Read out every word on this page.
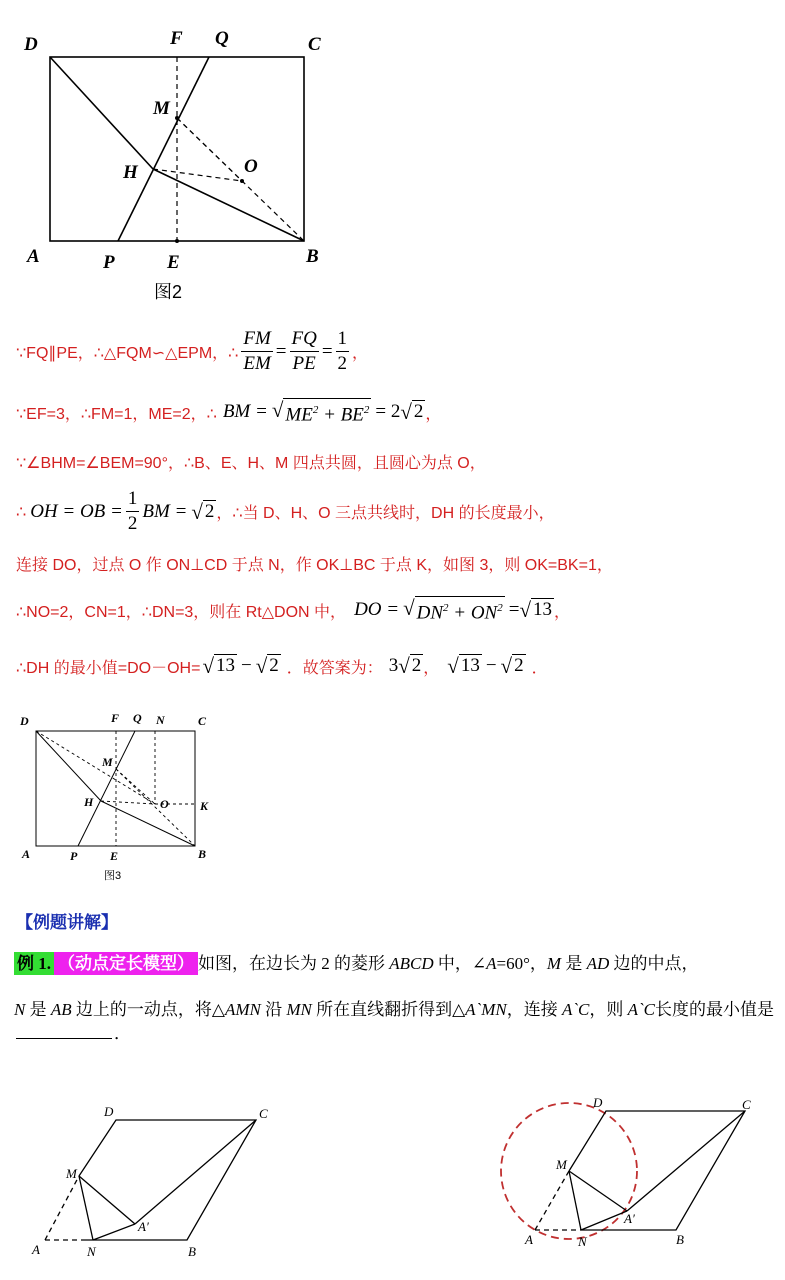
D	F Q	C
M
H	O
A	P	E	B
图2
∵FQ∥PE，∴△FQM∽△EPM，∴ $\frac{FM}{EM} = \frac{FQ}{PE} = \frac{1}{2}$ ，
∵EF=3，∴FM=1，ME=2，∴ BM = √ $ME^2 + BE^2 = 2$ √ 2 ，
∵∠BHM=∠BEM=90°，∴B、E、H、M 四点共圆，且圆心为点 O，
∴ OH = OB = $\frac{1}{2}$ BM = √ 2 ，∴当 D、H、O 三点共线时，DH 的长度最小，
连接 DO，过点 O 作 ON⊥CD 于点 N，作 OK⊥BC 于点 K，如图 3，则 OK=BK=1，
∴NO=2，CN=1，∴DN=3，则在 Rt△DON 中， DO = √ $DN^2 + ON^2$ = √ 13 ，
∴DH 的最小值=DO－OH= √ 13 − √ 2 ．故答案为： 3 √ 2 ， √ 13 − √ 2 ．
D	F Q N	C
M
H	O	K
A	P	E	B
图3
【例题讲解】
例 1. （动点定长模型） 如图，在边长为 2 的菱形 ABCD 中，∠A=60°，M 是 AD 边的中点，
N 是 AB 边上的一动点，将△AMN 沿 MN 所在直线翻折得到△A`MN，连接 A`C，则 A`C长度的最小值是．
D	C
M
A′
A	N	B
D	C
M
A′
A	N	B
